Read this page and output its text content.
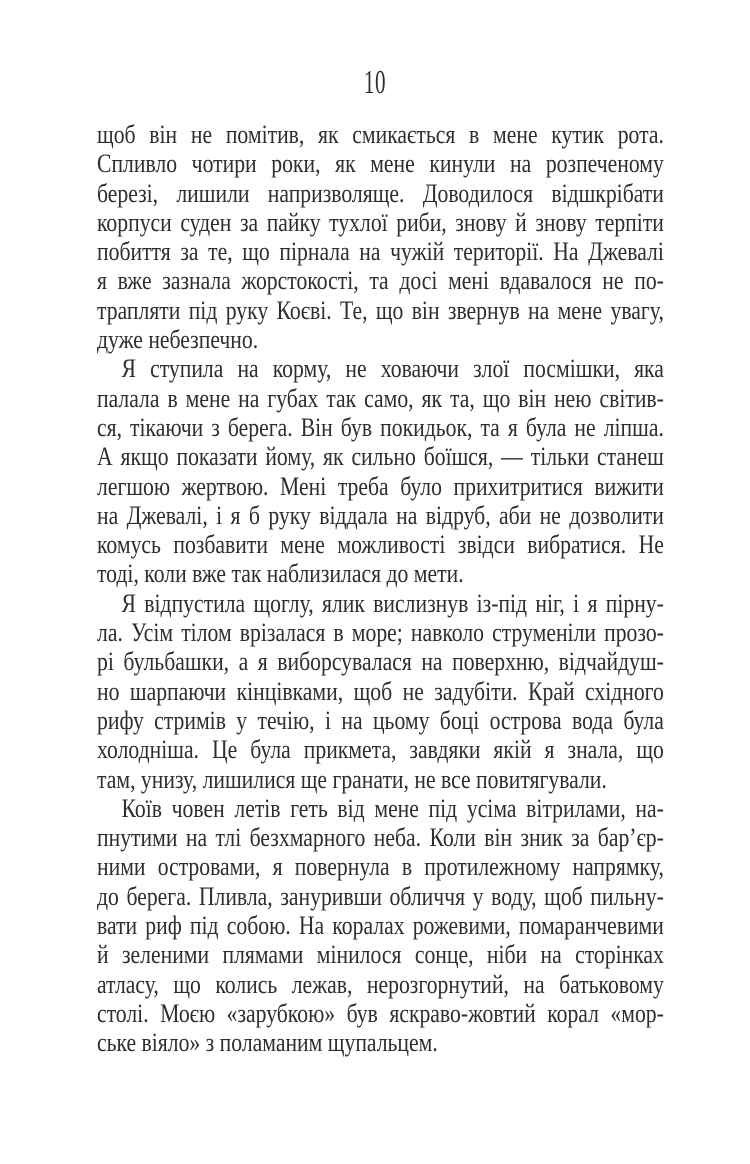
10
щоб він не помітив, як смикається в мене кутик рота.
Спливло чотири роки, як мене кинули на розпеченому
березі, лишили напризволяще. Доводилося відшкрібати
корпуси суден за пайку тухлої риби, знову й знову терпіти
побиття за те, що пірнала на чужій території. На Джевалі
я вже зазнала жорстокості, та досі мені вдавалося не по-
трапляти під руку Коєві. Те, що він звернув на мене увагу,
дуже небезпечно.
Я ступила на корму, не ховаючи злої посмішки, яка
палала в мене на губах так само, як та, що він нею світив-
ся, тікаючи з берега. Він був покидьок, та я була не ліпша.
А якщо показати йому, як сильно боїшся, — тільки станеш
легшою жертвою. Мені треба було прихитритися вижити
на Джевалі, і я б руку віддала на відруб, аби не дозволити
комусь позбавити мене можливості звідси вибратися. Не
тоді, коли вже так наблизилася до мети.
Я відпустила щоглу, ялик вислизнув із-під ніг, і я пірну-
ла. Усім тілом врізалася в море; навколо струменіли прозо-
рі бульбашки, а я виборсувалася на поверхню, відчайдуш-
но шарпаючи кінцівками, щоб не задубіти. Край східного
рифу стримів у течію, і на цьому боці острова вода була
холодніша. Це була прикмета, завдяки якій я знала, що
там, унизу, лишилися ще гранати, не все повитягували.
Коїв човен летів геть від мене під усіма вітрилами, на-
пнутими на тлі безхмарного неба. Коли він зник за бар’єр-
ними островами, я повернула в протилежному напрямку,
до берега. Пливла, зануривши обличчя у воду, щоб пильну-
вати риф під собою. На коралах рожевими, помаранчевими
й зеленими плямами мінилося сонце, ніби на сторінках
атласу, що колись лежав, нерозгорнутий, на батьковому
столі. Моєю «зарубкою» був яскраво-жовтий корал «мор-
ське віяло» з поламаним щупальцем.
